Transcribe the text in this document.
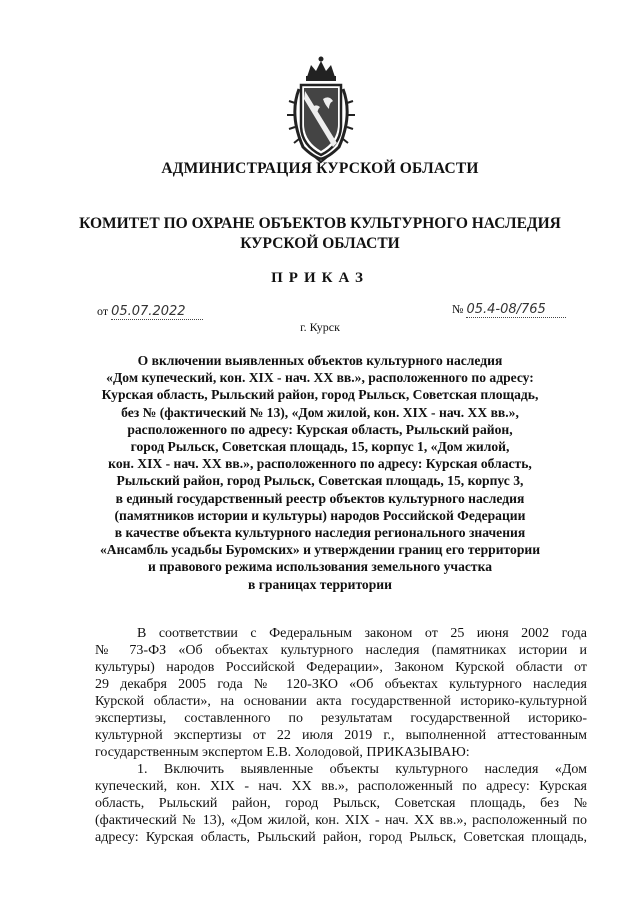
АДМИНИСТРАЦИЯ КУРСКОЙ ОБЛАСТИ
КОМИТЕТ ПО ОХРАНЕ ОБЪЕКТОВ КУЛЬТУРНОГО НАСЛЕДИЯ
КУРСКОЙ ОБЛАСТИ
ПРИКАЗ
от 05.07.2022	№ 05.4-08/765
г. Курск
О включении выявленных объектов культурного наследия
«Дом купеческий, кон. XIX - нач. XX вв.», расположенного по адресу:
Курская область, Рыльский район, город Рыльск, Советская площадь,
без № (фактический № 13), «Дом жилой, кон. XIX - нач. XX вв.»,
расположенного по адресу: Курская область, Рыльский район,
город Рыльск, Советская площадь, 15, корпус 1, «Дом жилой,
кон. XIX - нач. XX вв.», расположенного по адресу: Курская область,
Рыльский район, город Рыльск, Советская площадь, 15, корпус 3,
в единый государственный реестр объектов культурного наследия
(памятников истории и культуры) народов Российской Федерации
в качестве объекта культурного наследия регионального значения
«Ансамбль усадьбы Буромских» и утверждении границ его территории
и правового режима использования земельного участка
в границах территории
В соответствии с Федеральным законом от 25 июня 2002 года
№ 73-ФЗ «Об объектах культурного наследия (памятниках истории и
культуры) народов Российской Федерации», Законом Курской области от
29 декабря 2005 года № 120-ЗКО «Об объектах культурного наследия
Курской области», на основании акта государственной историко-культурной
экспертизы, составленного по результатам государственной историко-
культурной экспертизы от 22 июля 2019 г., выполненной аттестованным
государственным экспертом Е.В. Холодовой, ПРИКАЗЫВАЮ:
1. Включить выявленные объекты культурного наследия «Дом
купеческий, кон. XIX - нач. XX вв.», расположенный по адресу: Курская
область, Рыльский район, город Рыльск, Советская площадь, без №
(фактический № 13), «Дом жилой, кон. XIX - нач. XX вв.», расположенный по
адресу: Курская область, Рыльский район, город Рыльск, Советская площадь,
